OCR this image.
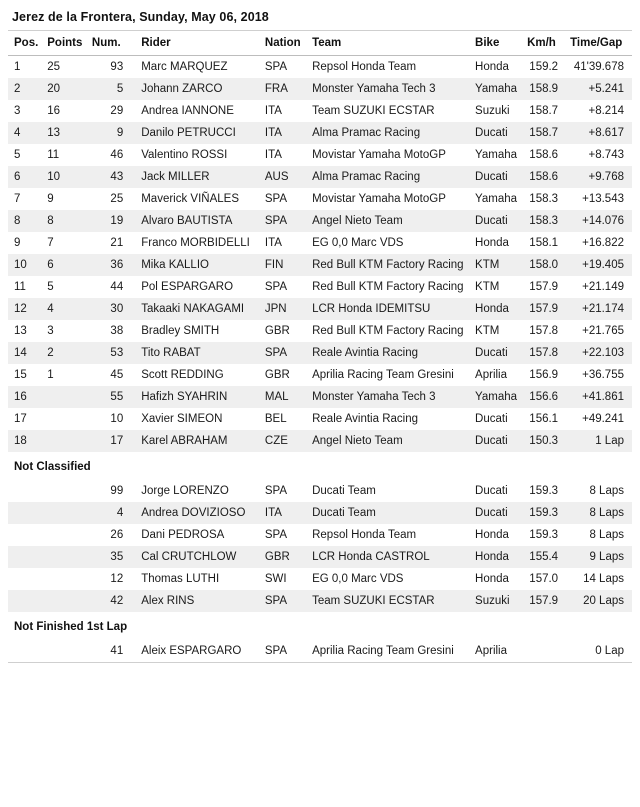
Jerez de la Frontera, Sunday, May 06, 2018
Pos.	Points	Num.	Rider	Nation	Team	Bike	Km/h	Time/Gap
1	25	93	Marc MARQUEZ	SPA	Repsol Honda Team	Honda	159.2	41'39.678
2	20	5	Johann ZARCO	FRA	Monster Yamaha Tech 3	Yamaha	158.9	+5.241
3	16	29	Andrea IANNONE	ITA	Team SUZUKI ECSTAR	Suzuki	158.7	+8.214
4	13	9	Danilo PETRUCCI	ITA	Alma Pramac Racing	Ducati	158.7	+8.617
5	11	46	Valentino ROSSI	ITA	Movistar Yamaha MotoGP	Yamaha	158.6	+8.743
6	10	43	Jack MILLER	AUS	Alma Pramac Racing	Ducati	158.6	+9.768
7	9	25	Maverick VIÑALES	SPA	Movistar Yamaha MotoGP	Yamaha	158.3	+13.543
8	8	19	Alvaro BAUTISTA	SPA	Angel Nieto Team	Ducati	158.3	+14.076
9	7	21	Franco MORBIDELLI	ITA	EG 0,0 Marc VDS	Honda	158.1	+16.822
10	6	36	Mika KALLIO	FIN	Red Bull KTM Factory Racing	KTM	158.0	+19.405
11	5	44	Pol ESPARGARO	SPA	Red Bull KTM Factory Racing	KTM	157.9	+21.149
12	4	30	Takaaki NAKAGAMI	JPN	LCR Honda IDEMITSU	Honda	157.9	+21.174
13	3	38	Bradley SMITH	GBR	Red Bull KTM Factory Racing	KTM	157.8	+21.765
14	2	53	Tito RABAT	SPA	Reale Avintia Racing	Ducati	157.8	+22.103
15	1	45	Scott REDDING	GBR	Aprilia Racing Team Gresini	Aprilia	156.9	+36.755
16		55	Hafizh SYAHRIN	MAL	Monster Yamaha Tech 3	Yamaha	156.6	+41.861
17		10	Xavier SIMEON	BEL	Reale Avintia Racing	Ducati	156.1	+49.241
18		17	Karel ABRAHAM	CZE	Angel Nieto Team	Ducati	150.3	1 Lap
Not Classified								
		99	Jorge LORENZO	SPA	Ducati Team	Ducati	159.3	8 Laps
		4	Andrea DOVIZIOSO	ITA	Ducati Team	Ducati	159.3	8 Laps
		26	Dani PEDROSA	SPA	Repsol Honda Team	Honda	159.3	8 Laps
		35	Cal CRUTCHLOW	GBR	LCR Honda CASTROL	Honda	155.4	9 Laps
		12	Thomas LUTHI	SWI	EG 0,0 Marc VDS	Honda	157.0	14 Laps
		42	Alex RINS	SPA	Team SUZUKI ECSTAR	Suzuki	157.9	20 Laps
Not Finished 1st Lap								
		41	Aleix ESPARGARO	SPA	Aprilia Racing Team Gresini	Aprilia		0 Lap
